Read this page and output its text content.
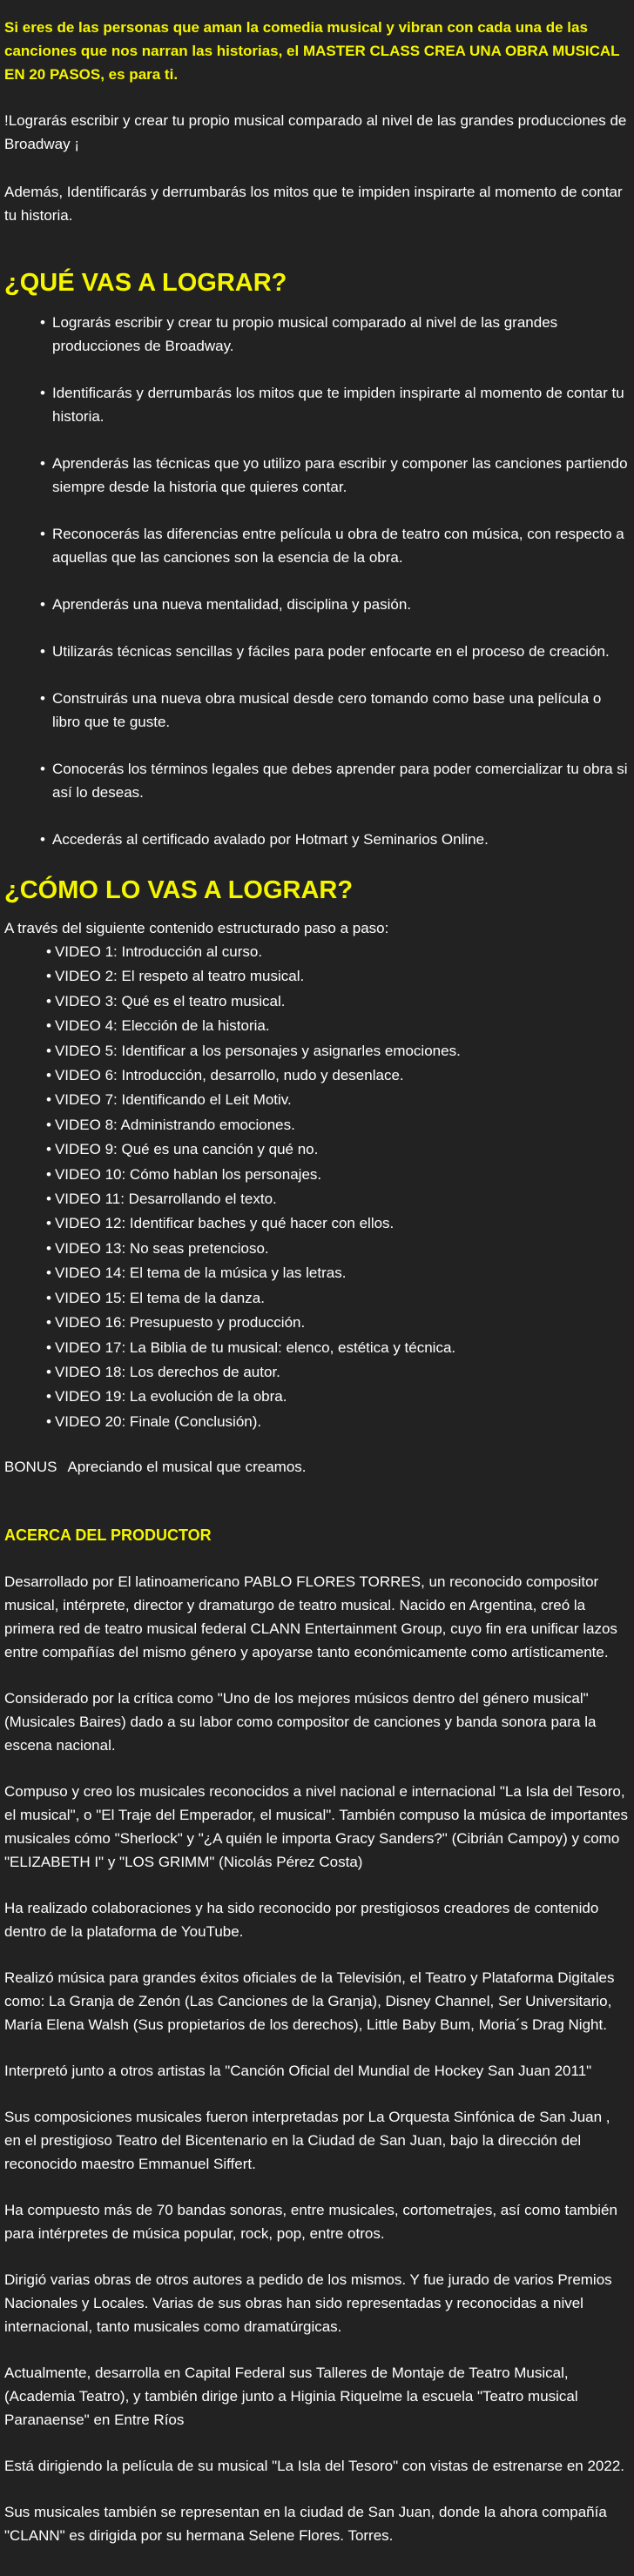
Si eres de las personas que aman la comedia musical y vibran con cada una de las canciones que nos narran las historias, el MASTER CLASS CREA UNA OBRA MUSICAL EN 20 PASOS, es para ti.

!Lograrás escribir y crear tu propio musical comparado al nivel de las grandes producciones de Broadway ¡

Además, Identificarás y derrumbarás los mitos que te impiden inspirarte al momento de contar tu historia.

¿QUÉ VAS A LOGRAR?
• Lograrás escribir y crear tu propio musical comparado al nivel de las grandes producciones de Broadway.
• Identificarás y derrumbarás los mitos que te impiden inspirarte al momento de contar tu historia.
• Aprenderás las técnicas que yo utilizo para escribir y componer las canciones partiendo siempre desde la historia que quieres contar.
• Reconocerás las diferencias entre película u obra de teatro con música, con respecto a aquellas que las canciones son la esencia de la obra.
• Aprenderás una nueva mentalidad, disciplina y pasión.
• Utilizarás técnicas sencillas y fáciles para poder enfocarte en el proceso de creación.
• Construirás una nueva obra musical desde cero tomando como base una película o libro que te guste.
• Conocerás los términos legales que debes aprender para poder comercializar tu obra si así lo deseas.
• Accederás al certificado avalado por Hotmart y Seminarios Online.
¿CÓMO LO VAS A LOGRAR?

A través del siguiente contenido estructurado paso a paso:

• VIDEO 1: Introducción al curso.
• VIDEO 2: El respeto al teatro musical.
• VIDEO 3: Qué es el teatro musical.
• VIDEO 4: Elección de la historia.
• VIDEO 5: Identificar a los personajes y asignarles emociones.
• VIDEO 6: Introducción, desarrollo, nudo y desenlace.
• VIDEO 7: Identificando el Leit Motiv.
• VIDEO 8: Administrando emociones.
• VIDEO 9: Qué es una canción y qué no.
• VIDEO 10: Cómo hablan los personajes.
• VIDEO 11: Desarrollando el texto.
• VIDEO 12: Identificar baches y qué hacer con ellos.
• VIDEO 13: No seas pretencioso.
• VIDEO 14: El tema de la música y las letras.
• VIDEO 15: El tema de la danza.
• VIDEO 16: Presupuesto y producción.
• VIDEO 17: La Biblia de tu musical: elenco, estética y técnica.
• VIDEO 18: Los derechos de autor.
• VIDEO 19: La evolución de la obra.
• VIDEO 20: Finale (Conclusión).

BONUS Apreciando el musical que creamos.

ACERCA DEL PRODUCTOR

Desarrollado por El latinoamericano PABLO FLORES TORRES, un reconocido compositor musical, intérprete, director y dramaturgo de teatro musical. Nacido en Argentina, creó la primera red de teatro musical federal CLANN Entertainment Group, cuyo fin era unificar lazos entre compañías del mismo género y apoyarse tanto económicamente como artísticamente.

Considerado por la crítica como "Uno de los mejores músicos dentro del género musical" (Musicales Baires) dado a su labor como compositor de canciones y banda sonora para la escena nacional.

Compuso y creo los musicales reconocidos a nivel nacional e internacional "La Isla del Tesoro, el musical", o "El Traje del Emperador, el musical". También compuso la música de importantes musicales cómo "Sherlock" y "¿A quién le importa Gracy Sanders?" (Cibrián Campoy) y como "ELIZABETH I" y "LOS GRIMM" (Nicolás Pérez Costa)

Ha realizado colaboraciones y ha sido reconocido por prestigiosos creadores de contenido dentro de la plataforma de YouTube.

Realizó música para grandes éxitos oficiales de la Televisión, el Teatro y Plataforma Digitales como: La Granja de Zenón (Las Canciones de la Granja), Disney Channel, Ser Universitario, María Elena Walsh (Sus propietarios de los derechos), Little Baby Bum, Moria´s Drag Night.

Interpretó junto a otros artistas la "Canción Oficial del Mundial de Hockey San Juan 2011"

Sus composiciones musicales fueron interpretadas por La Orquesta Sinfónica de San Juan , en el prestigioso Teatro del Bicentenario en la Ciudad de San Juan, bajo la dirección del reconocido maestro Emmanuel Siffert.

Ha compuesto más de 70 bandas sonoras, entre musicales, cortometrajes, así como también para intérpretes de música popular, rock, pop, entre otros.

Dirigió varias obras de otros autores a pedido de los mismos. Y fue jurado de varios Premios Nacionales y Locales. Varias de sus obras han sido representadas y reconocidas a nivel internacional, tanto musicales como dramatúrgicas.

Actualmente, desarrolla en Capital Federal sus Talleres de Montaje de Teatro Musical, (Academia Teatro), y también dirige junto a Higinia Riquelme la escuela "Teatro musical Paranaense" en Entre Ríos

Está dirigiendo la película de su musical "La Isla del Tesoro" con vistas de estrenarse en 2022.

Sus musicales también se representan en la ciudad de San Juan, donde la ahora compañía "CLANN" es dirigida por su hermana Selene Flores. Torres.
